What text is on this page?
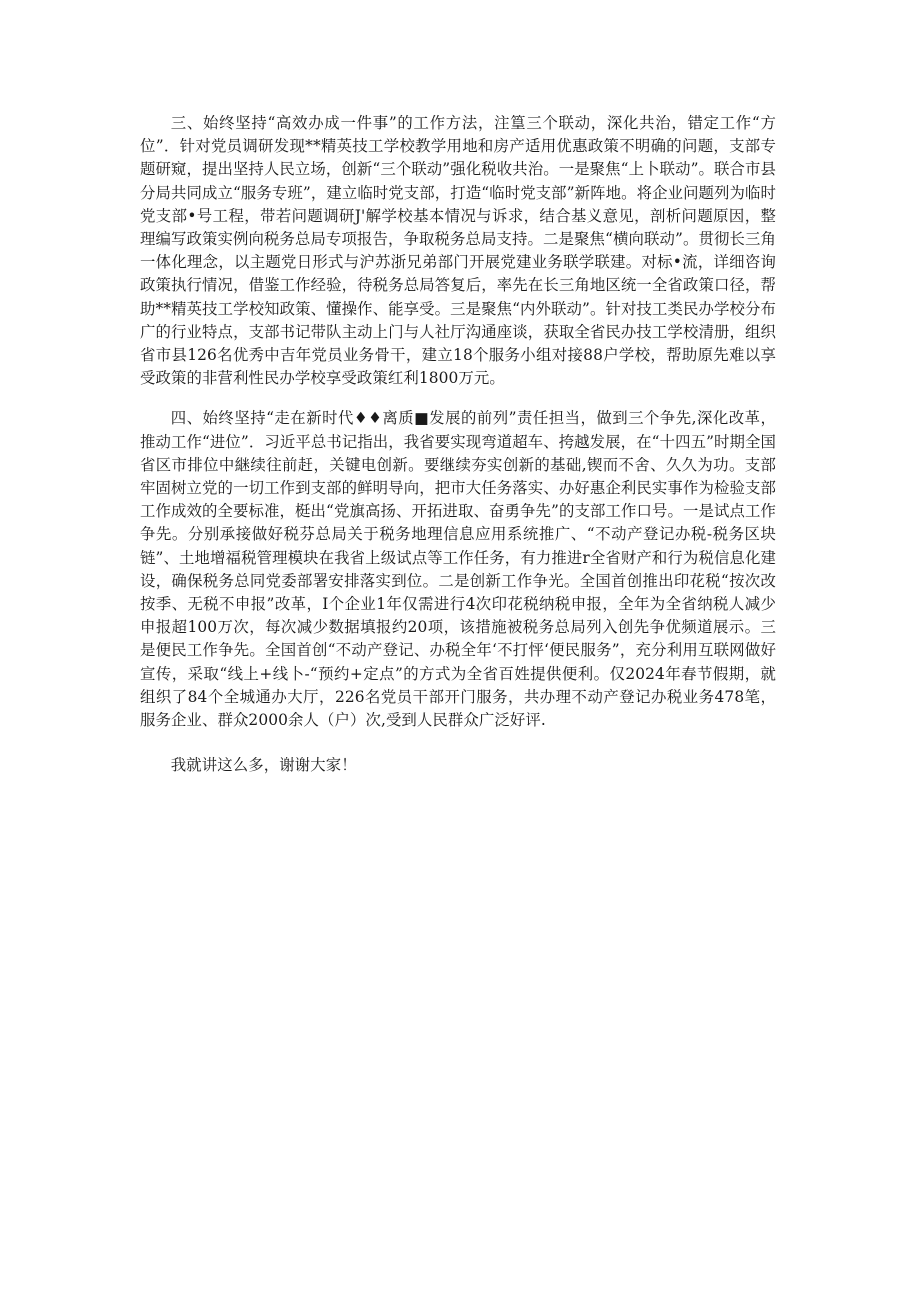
三、始终坚持“高效办成一件事”的工作方法，注篁三个联动，深化共治，错定工作“方位”．针对党员调研发现**精英技工学校教学用地和房产适用优惠政策不明确的问题，支部专题研窥，提出坚持人民立场，创新“三个联动”强化税收共治。一是聚焦“上卜联动”。联合市县分局共同成立“服务专班”，建立临时党支部，打造“临时党支部”新阵地。将企业问题列为临时党支部•号工程，带若问题调研J'解学校基本情况与诉求，结合基义意见，剖析问题原因，整理编写政策实例向税务总局专项报告，争取税务总局支持。二是聚焦“横向联动”。贯彻长三角一体化理念，以主题党日形式与沪苏浙兄弟部门开展党建业务联学联建。对标•流，详细咨询政策执行情况，借鉴工作经验，待税务总局答复后，率先在长三角地区统一全省政策口径，帮助**精英技工学校知政策、懂操作、能享受。三是聚焦“内外联动”。针对技工类民办学校分布广的行业特点，支部书记带队主动上门与人社厅沟通座谈，获取全省民办技工学校清册，组织省市县126名优秀中吉年党员业务骨干，建立18个服务小组对接88户学校，帮助原先难以享受政策的非营利性民办学校享受政策红利1800万元。

四、始终坚持“走在新时代♦♦离质■发展的前列”责任担当，做到三个争先,深化改革，推动工作“进位”．习近平总书记指出，我省要实现弯道超车、挎越发展，在“十四五”时期全国省区市排位中継续往前赶，关键电创新。要继续夯实创新的基础,锲而不舍、久久为功。支部牢固树立党的一切工作到支部的鲜明导向，把市大任务落实、办好惠企利民实事作为检验支部工作成效的全要标准，梃出“党旗高扬、开拓进取、奋勇争先”的支部工作口号。一是试点工作争先。分别承接做好税芬总局关于税务地理信息应用系统推广、“不动产登记办税-税务区块链”、土地增福税管理模块在我省上级试点等工作任务，有力推进r全省财产和行为税信息化建设，确保税务总同党委部署安排落实到位。二是创新工作争光。全国首创推出印花税“按次改按季、无税不申报”改革，I个企业1年仅需进行4次印花税纳税申报，全年为全省纳税人减少申报超100万次，每次减少数据填报约20项，该措施被税务总局列入创先争优频道展示。三是便民工作争先。全国首创“不动产登记、办税全年‘不打怦‘便民服务”，充分利用互联网做好宣传，采取“线上+线卜-“预约+定点”的方式为全省百姓提供便利。仅2024年春节假期，就组织了84个全城通办大厅，226名党员干部开门服务，共办理不动产登记办税业务478笔，服务企业、群众2000余人（户）次,受到人民群众广泛好评.

我就讲这么多，谢谢大家！
